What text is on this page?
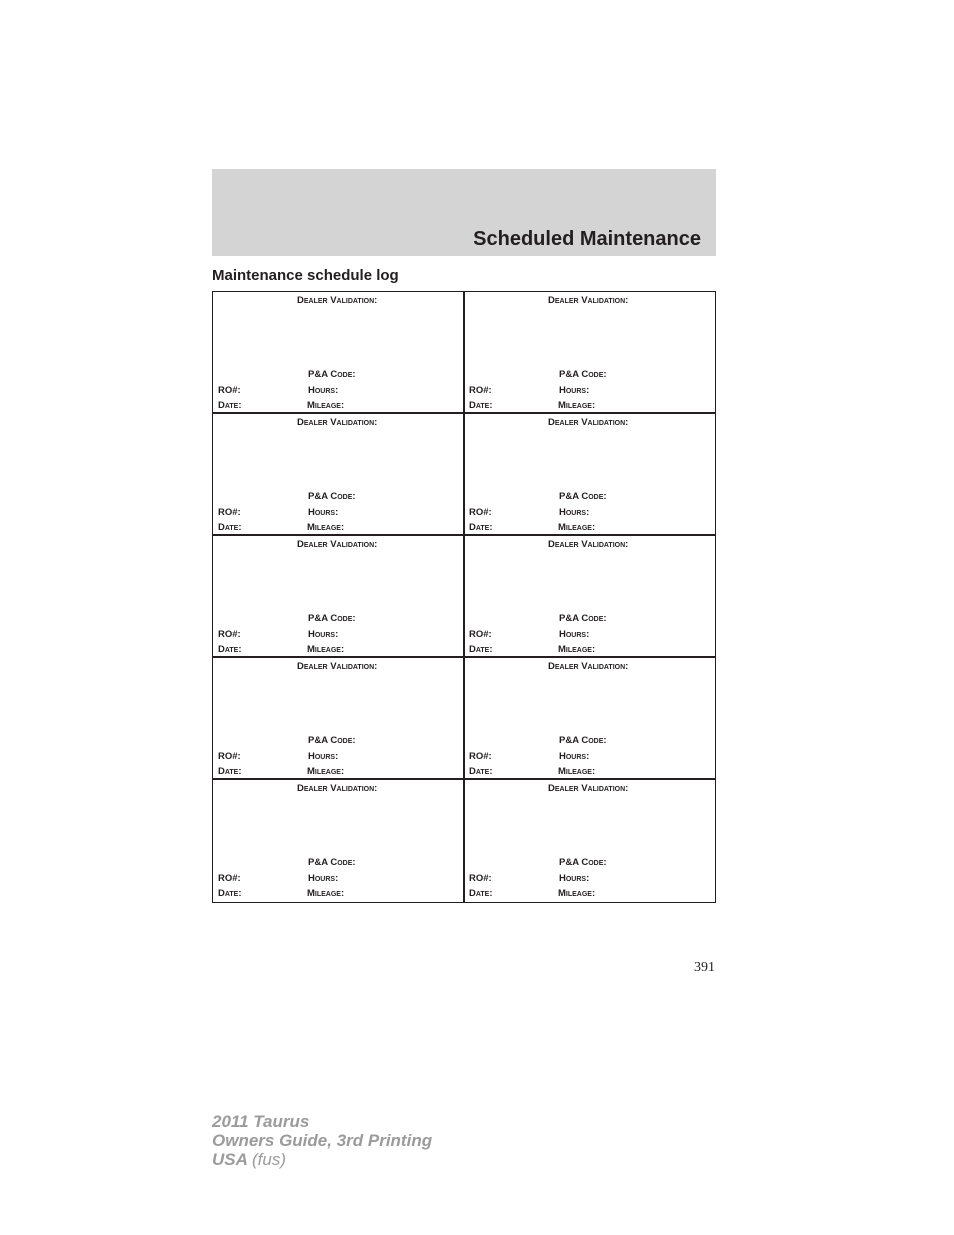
Scheduled Maintenance
Maintenance schedule log
Dealer Validation:
P&A Code:
RO#:	Hours:
Date:	Mileage:
Dealer Validation:
P&A Code:
RO#:	Hours:
Date:	Mileage:
Dealer Validation:
P&A Code:
RO#:	Hours:
Date:	Mileage:
Dealer Validation:
P&A Code:
RO#:	Hours:
Date:	Mileage:
Dealer Validation:
P&A Code:
RO#:	Hours:
Date:	Mileage:
Dealer Validation:
P&A Code:
RO#:	Hours:
Date:	Mileage:
Dealer Validation:
P&A Code:
RO#:	Hours:
Date:	Mileage:
Dealer Validation:
P&A Code:
RO#:	Hours:
Date:	Mileage:
Dealer Validation:
P&A Code:
RO#:	Hours:
Date:	Mileage:
Dealer Validation:
P&A Code:
RO#:	Hours:
Date:	Mileage:
391
2011 Taurus
Owners Guide, 3rd Printing
USA (fus)
